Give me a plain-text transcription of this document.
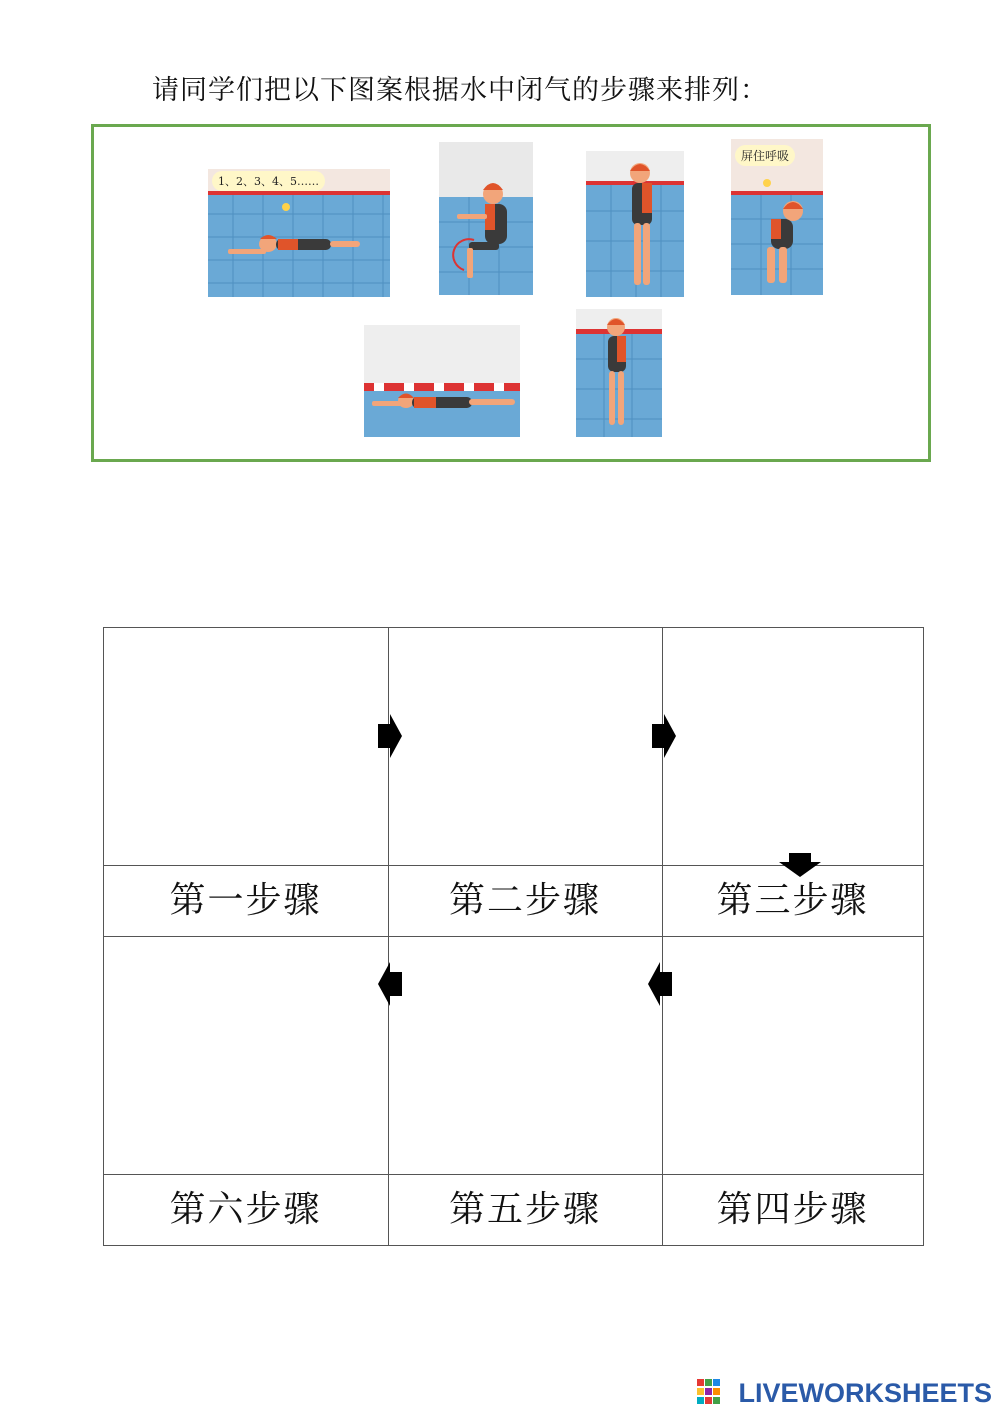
请同学们把以下图案根据水中闭气的步骤来排列：
1、2、3、4、5……
屏住呼吸
第一步骤	第二步骤	第三步骤
第六步骤	第五步骤	第四步骤
LIVEWORKSHEETS
